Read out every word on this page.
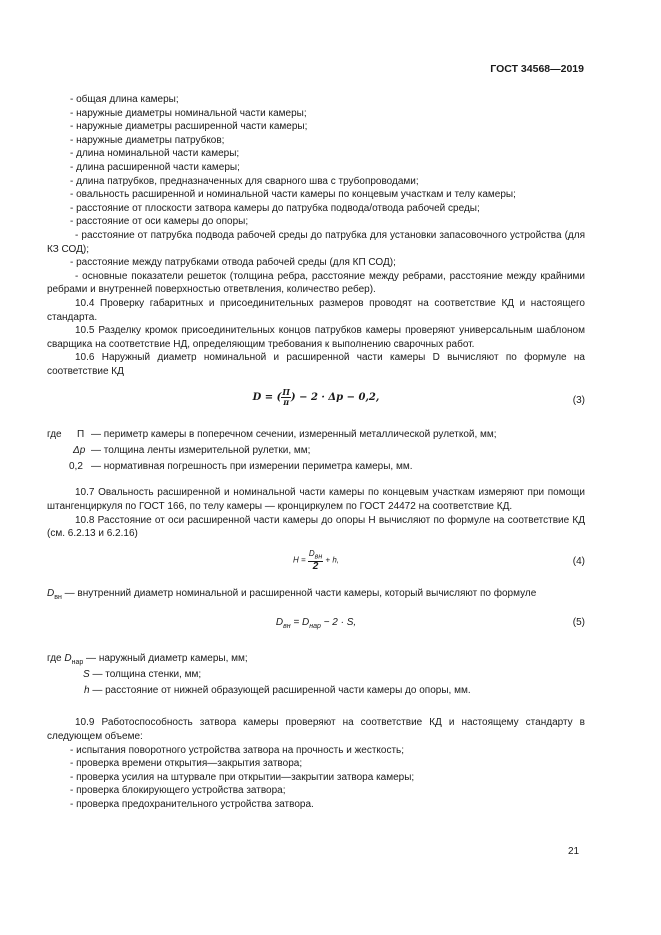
ГОСТ 34568—2019

- общая длина камеры;

- наружные диаметры номинальной части камеры;

- наружные диаметры расширенной части камеры;

- наружные диаметры патрубков;

- длина номинальной части камеры;

- длина расширенной части камеры;

- длина патрубков, предназначенных для сварного шва с трубопроводами;

- овальность расширенной и номинальной части камеры по концевым участкам и телу камеры;

- расстояние от плоскости затвора камеры до патрубка подвода/отвода рабочей среды;

- расстояние от оси камеры до опоры;

- расстояние от патрубка подвода рабочей среды до патрубка для установки запасовочного устройства (для КЗ СОД);

- расстояние между патрубками отвода рабочей среды (для КП СОД);

- основные показатели решеток (толщина ребра, расстояние между ребрами, расстояние между крайними ребрами и внутренней поверхностью ответвления, количество ребер).

10.4 Проверку габаритных и присоединительных размеров проводят на соответствие КД и настоящего стандарта.

10.5 Разделку кромок присоединительных концов патрубков камеры проверяют универсальным шаблоном сварщика на соответствие НД, определяющим требования к выполнению сварочных работ.

10.6 Наружный диаметр номинальной и расширенной части камеры D вычисляют по формуле на соответствие КД

D = ( $\frac{П}{\pi}$ ) − 2 · Δp − 0,2,	(3)
где П — периметр камеры в поперечном сечении, измеренный металлической рулеткой, мм;
Δp — толщина ленты измерительной рулетки, мм;
0,2 — нормативная погрешность при измерении периметра камеры, мм.

10.7 Овальность расширенной и номинальной части камеры по концевым участкам измеряют при помощи штангенциркуля по ГОСТ 166, по телу камеры — кронциркулем по ГОСТ 24472 на соответствие КД.

10.8 Расстояние от оси расширенной части камеры до опоры H вычисляют по формуле на соответствие КД (см. 6.2.13 и 6.2.16)

$H = \frac{D_{вн}}{2} + h$,	(4)

$D_{вн}$ — внутренний диаметр номинальной и расширенной части камеры, который вычисляют по формуле

$D_{вн} = D_{нар} - 2 \cdot S$,	(5)
где $D_{нар}$ — наружный диаметр камеры, мм;
S — толщина стенки, мм;
h — расстояние от нижней образующей расширенной части камеры до опоры, мм.

10.9 Работоспособность затвора камеры проверяют на соответствие КД и настоящему стандарту в следующем объеме:

- испытания поворотного устройства затвора на прочность и жесткость;

- проверка времени открытия—закрытия затвора;

- проверка усилия на штурвале при открытии—закрытии затвора камеры;

- проверка блокирующего устройства затвора;

- проверка предохранительного устройства затвора.

21
